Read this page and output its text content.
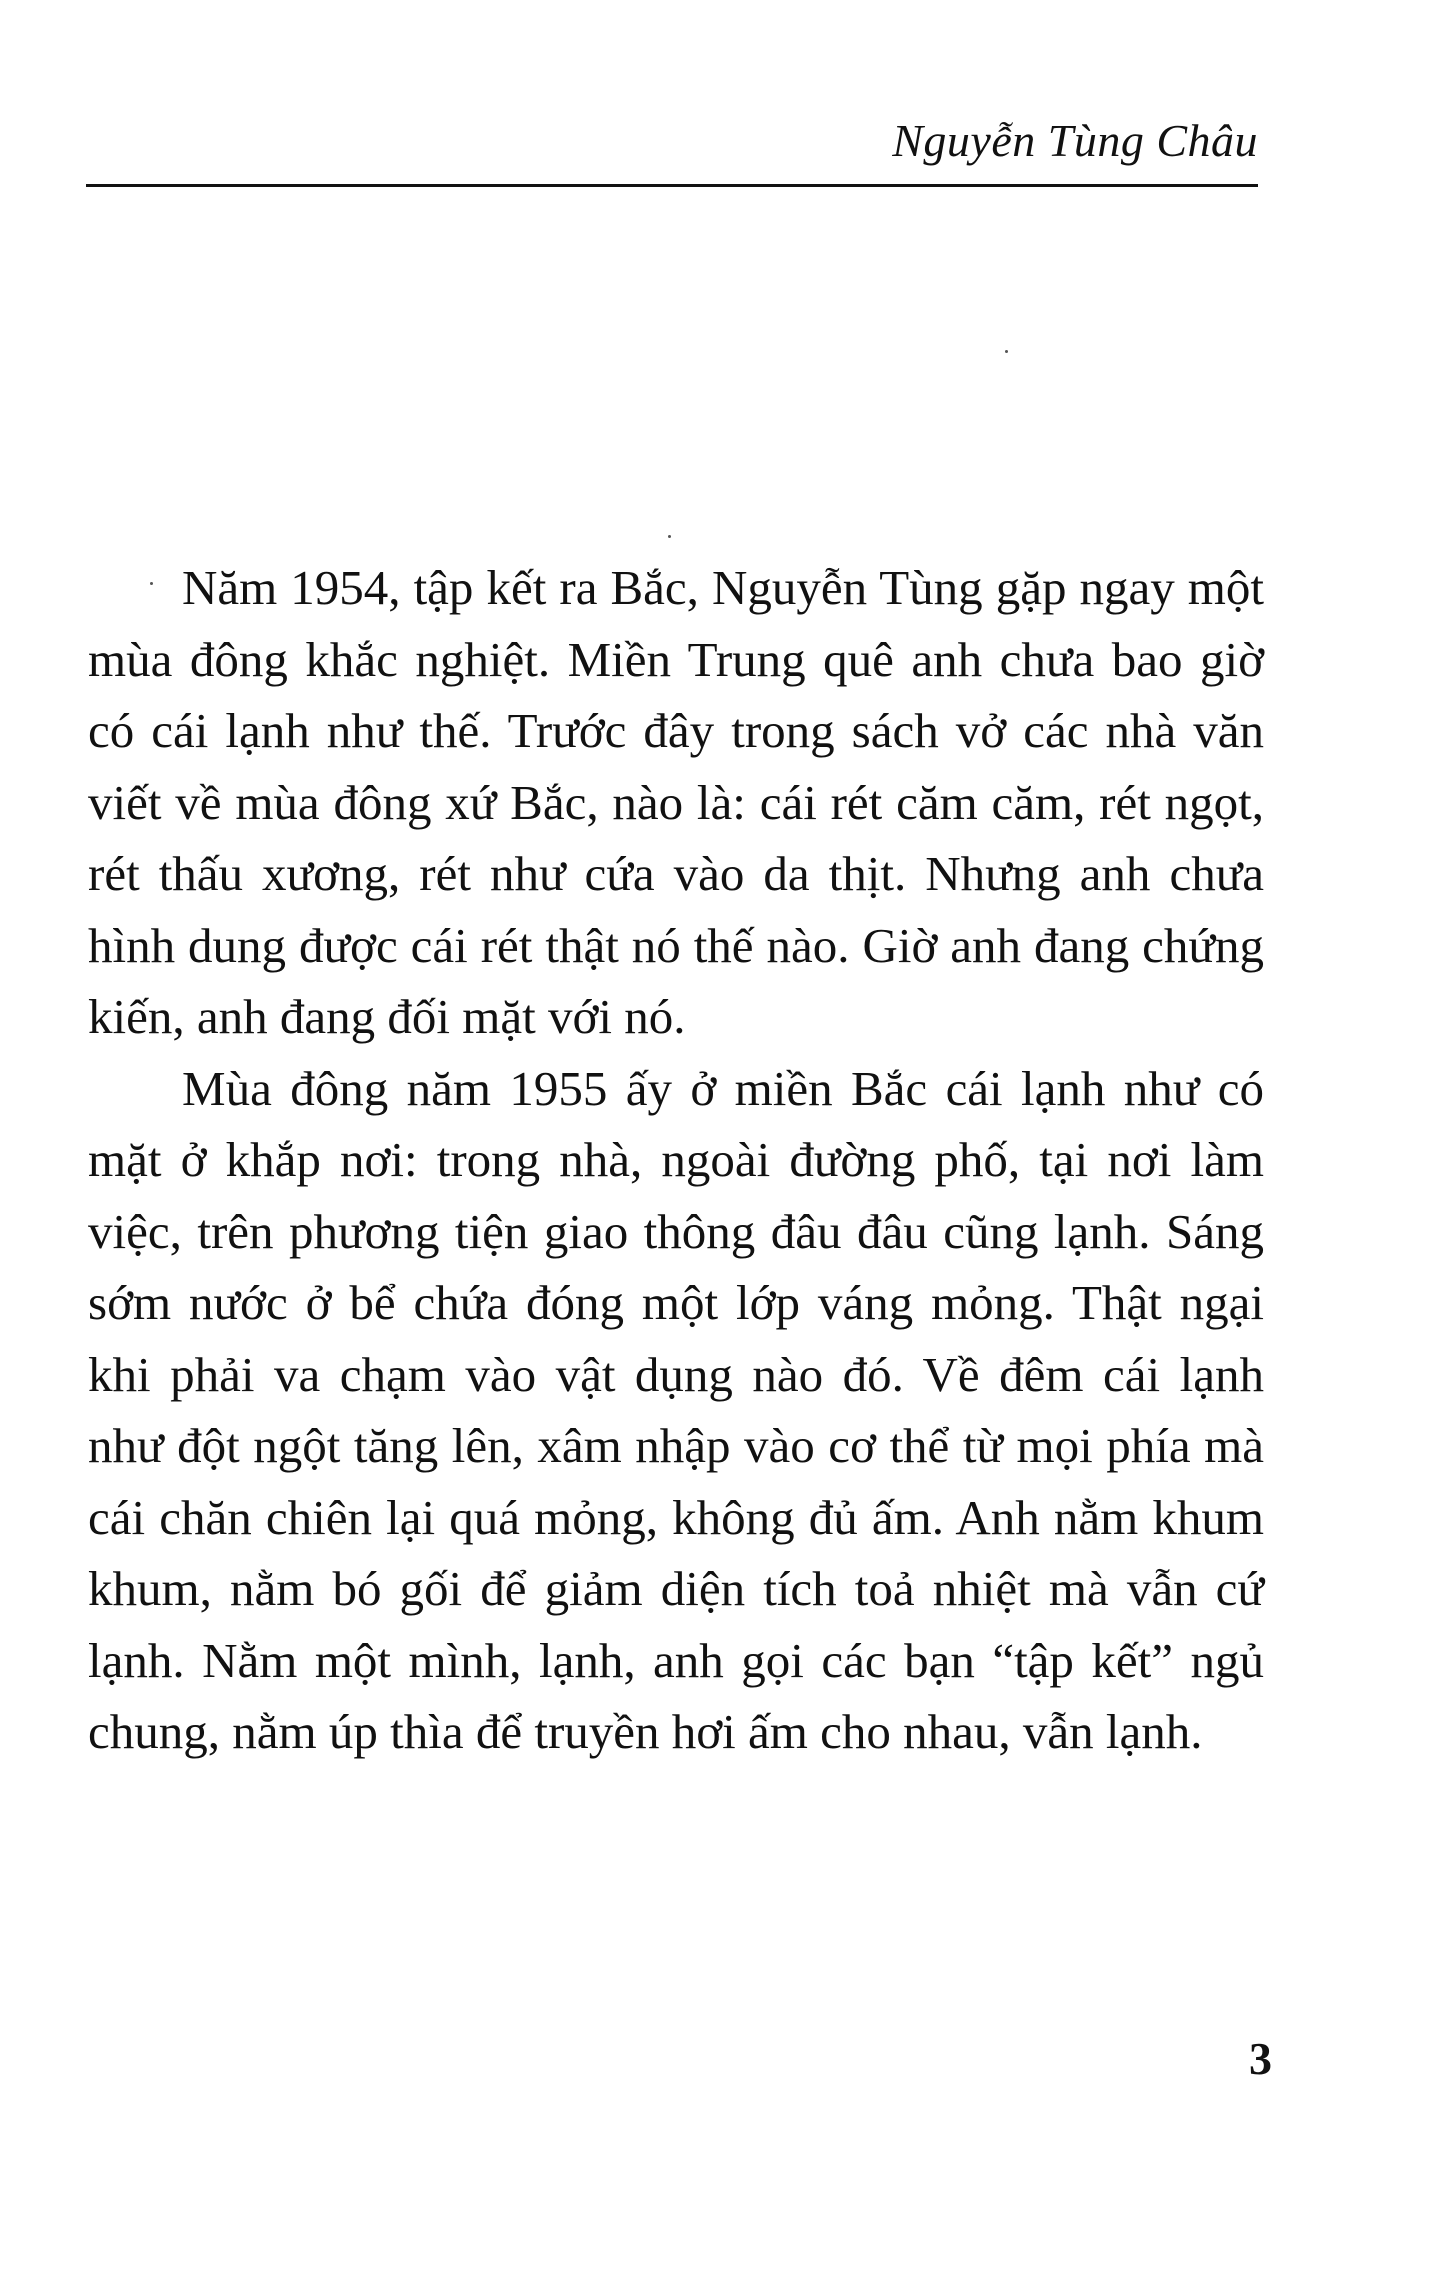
Nguyễn Tùng Châu

Năm 1954, tập kết ra Bắc, Nguyễn Tùng gặp ngay một mùa đông khắc nghiệt. Miền Trung quê anh chưa bao giờ có cái lạnh như thế. Trước đây trong sách vở các nhà văn viết về mùa đông xứ Bắc, nào là: cái rét căm căm, rét ngọt, rét thấu xương, rét như cứa vào da thịt. Nhưng anh chưa hình dung được cái rét thật nó thế nào. Giờ anh đang chứng kiến, anh đang đối mặt với nó.

Mùa đông năm 1955 ấy ở miền Bắc cái lạnh như có mặt ở khắp nơi: trong nhà, ngoài đường phố, tại nơi làm việc, trên phương tiện giao thông đâu đâu cũng lạnh. Sáng sớm nước ở bể chứa đóng một lớp váng mỏng. Thật ngại khi phải va chạm vào vật dụng nào đó. Về đêm cái lạnh như đột ngột tăng lên, xâm nhập vào cơ thể từ mọi phía mà cái chăn chiên lại quá mỏng, không đủ ấm. Anh nằm khum khum, nằm bó gối để giảm diện tích toả nhiệt mà vẫn cứ lạnh. Nằm một mình, lạnh, anh gọi các bạn “tập kết” ngủ chung, nằm úp thìa để truyền hơi ấm cho nhau, vẫn lạnh.

3
